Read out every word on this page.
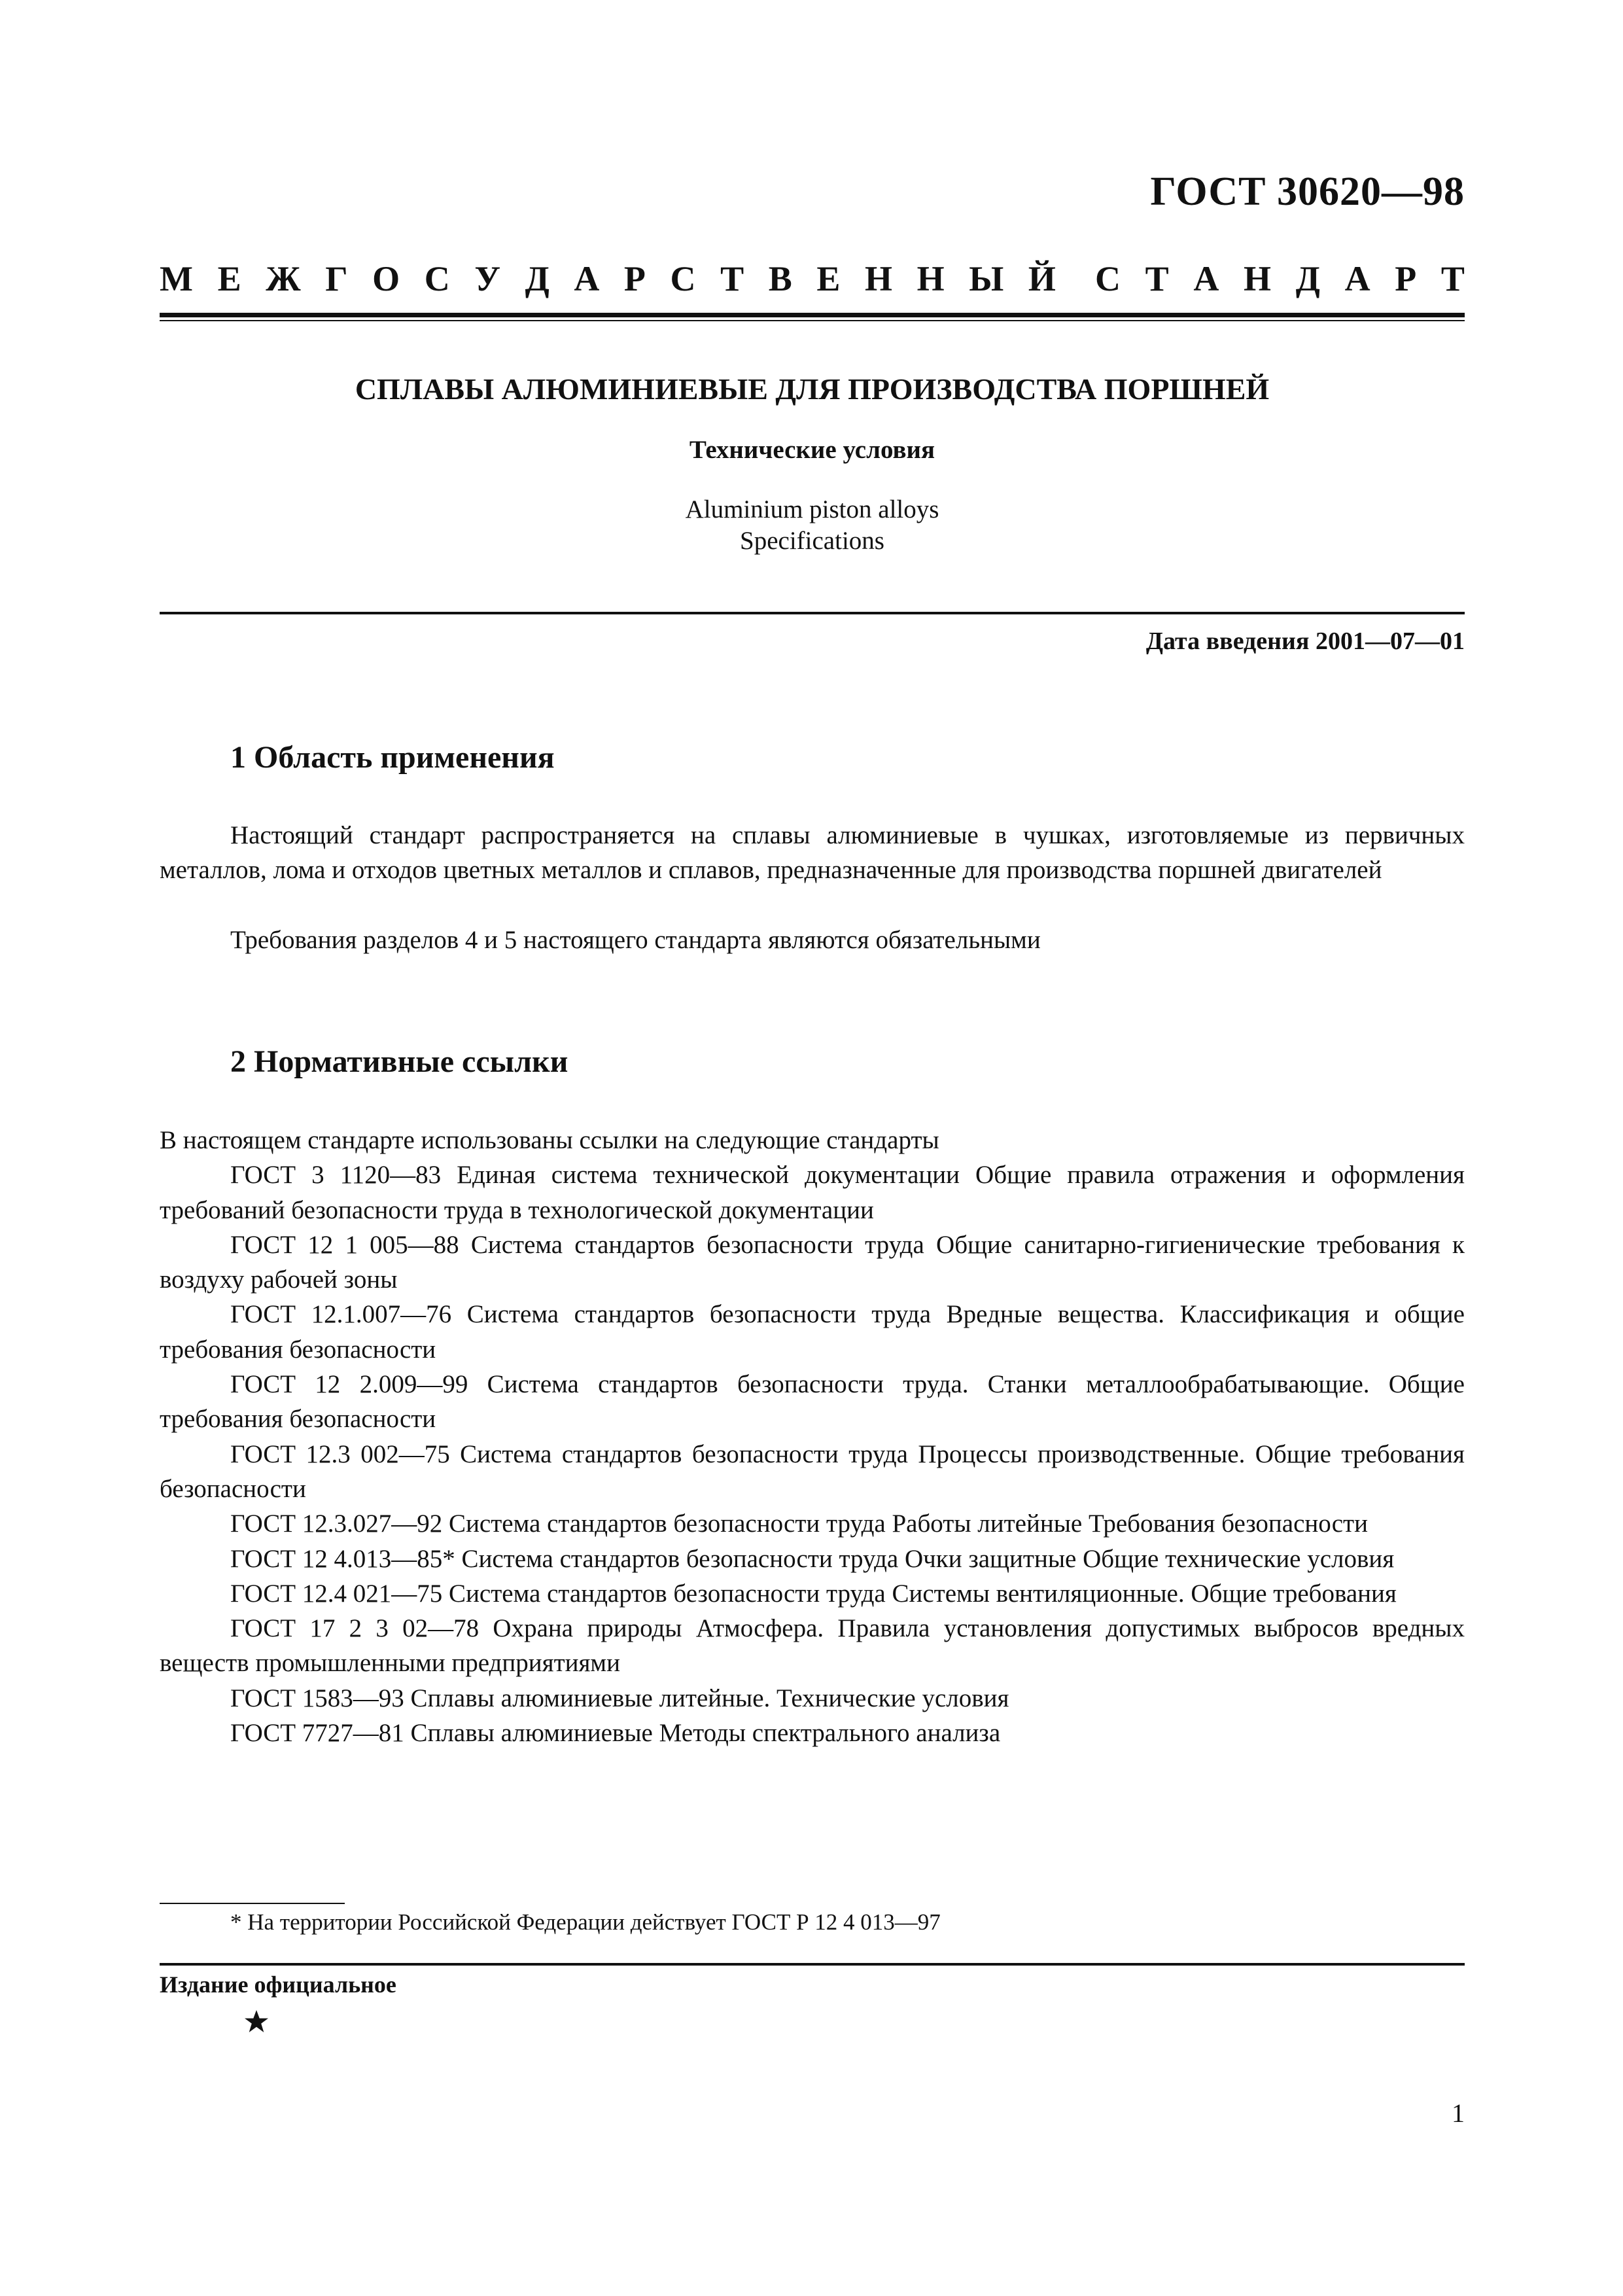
ГОСТ 30620—98
М Е Ж Г О С У Д А Р С Т В Е Н Н Ы Й С Т А Н Д А Р Т
СПЛАВЫ АЛЮМИНИЕВЫЕ ДЛЯ ПРОИЗВОДСТВА ПОРШНЕЙ
Технические условия
Aluminium piston alloys
Specifications
Дата введения 2001—07—01
1 Область применения
Настоящий стандарт распространяется на сплавы алюминиевые в чушках, изготовляемые из первичных металлов, лома и отходов цветных металлов и сплавов, предназначенные для производства поршней двигателей
Требования разделов 4 и 5 настоящего стандарта являются обязательными
2 Нормативные ссылки

В настоящем стандарте использованы ссылки на следующие стандарты

ГОСТ 3 1120—83 Единая система технической документации Общие правила отражения и оформления требований безопасности труда в технологической документации

ГОСТ 12 1 005—88 Система стандартов безопасности труда Общие санитарно-гигиенические требования к воздуху рабочей зоны

ГОСТ 12.1.007—76 Система стандартов безопасности труда Вредные вещества. Классификация и общие требования безопасности

ГОСТ 12 2.009—99 Система стандартов безопасности труда. Станки металлообрабатывающие. Общие требования безопасности

ГОСТ 12.3 002—75 Система стандартов безопасности труда Процессы производственные. Общие требования безопасности

ГОСТ 12.3.027—92 Система стандартов безопасности труда Работы литейные Требования безопасности

ГОСТ 12 4.013—85* Система стандартов безопасности труда Очки защитные Общие технические условия

ГОСТ 12.4 021—75 Система стандартов безопасности труда Системы вентиляционные. Общие требования

ГОСТ 17 2 3 02—78 Охрана природы Атмосфера. Правила установления допустимых выбросов вредных веществ промышленными предприятиями

ГОСТ 1583—93 Сплавы алюминиевые литейные. Технические условия

ГОСТ 7727—81 Сплавы алюминиевые Методы спектрального анализа

* На территории Российской Федерации действует ГОСТ Р 12 4 013—97
Издание официальное
1
